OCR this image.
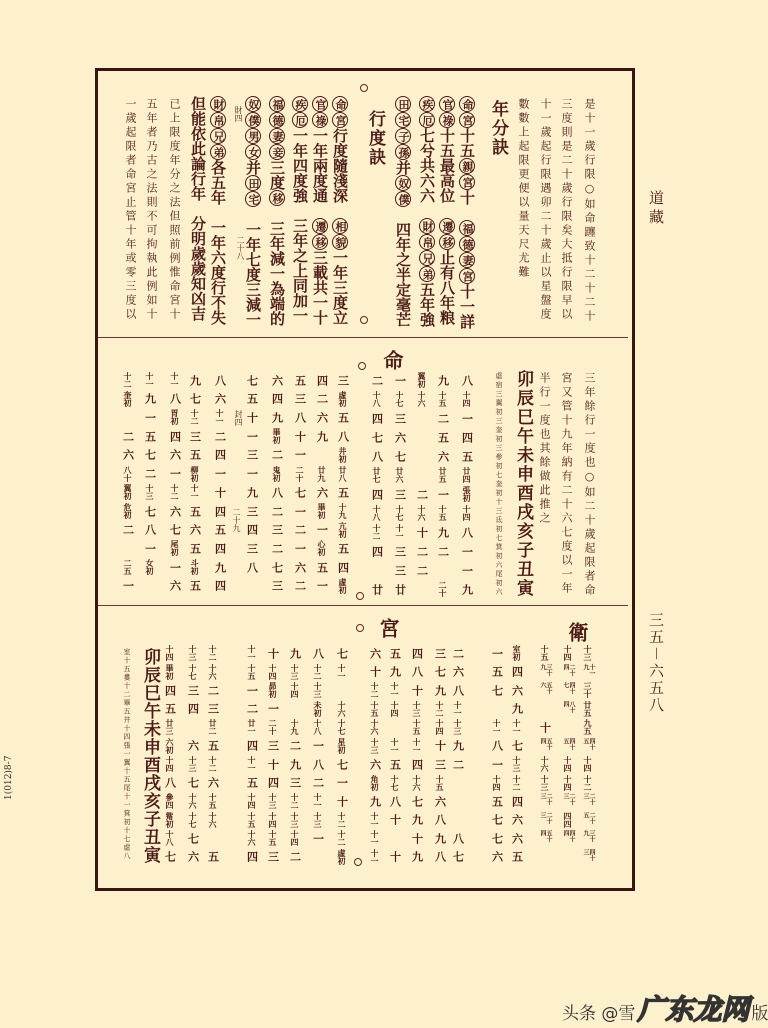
道藏
三五－六五八
1(012)8-7
是十一歲行限○如命躔致十二十二十
三度則是二十歲行限矣大抵行限早以
十一歲起行限遇卯二十歲止以星盤度
數數上起限更便以量天尺尤難
年分訣
命宮十五親宮十　福德妻宮十一詳
官祿十五最高位　遷移止有八年粮
疾厄七兮共六六　財帛兄弟五年強
田宅子孫并奴僕　四年之半定毫芒
行度訣
命宮行度隨淺深　相貌一年三度立
官祿一年兩度通　遷移三載共一十
疾厄一年四度強　三年之上同加一
福德妻妾三度移　三年減一為端的
奴僕男女并田宅　一年七度三減一
財四
二十八
財帛兄弟各五年　一年六度行不失
但能依此論行年　分明歲歲知凶吉
已上限度年分之法但照前例惟命宮十
五年者乃古之法則不可拘執此例如十
一歲起限者命宮止管十年或零三度以
三年餘行一度也○如二十歲起限者命
宮又管十九年納有二十六七度以一年
半行一度也其餘做此推之
卯辰巳午未申酉戌亥子丑寅
虛宿三翼初三奎初三參初七奎初十三氐初七箕初六尾初六
命
封四
二十九
八
十四
一
四
五
廿四
張初
十四
八
一
一
九
九
十五
二
五
六
廿五
一
十五
九
二
二十
翼初
十六
二
十六
十
二
二
一
十七
三
六
七
廿六
三
十七
十一
三
三
廿
二
十八
四
七
八
廿七
四
十八
十二
四
廿
三
虛初
五
八
井初
廿八
五
十九
亢初
五
四
虛初
四
二
六
九
廿九
六
畢初
一
心初
五
一
五
三
八
十
一
二十
七
一
二
一
六
二
六
四
九
畢初
二
鬼初
八
二
三
二
七
三
七
五
十
一
三
一
九
三
四
三
八
八
六
十一
二
四
一
十
四
五
四
九
四
九
七
十二
三
五
柳初
十一
五
六
五
斗初
五
十一
八
胃初
四
六
一
十二
六
七
尾初
一
六
十一
九
一
五
七
二
十三
七
八
一
女初
十二
奎初
二
六
八十
翼初
危初
二
二五
一
衛
宮
十三
十一九
三十
廿五
九五
四十五
十四
十二
二十三
二十五
三十九
四十三
十四
二十四
四十七
八十四
四十五
十四
十四
二十三
四四
四十四
十五
三十九
五十六
十
五十四
十六
十三
二十三
二十三
五十四
室初
四
六
九
十一
七
十三
十二
四
六
六
五
一
五
七
十一
八
一
十四
五
七
七
六
二
六
八
十一
十三
九
二
八
七
三
七
九
十二
十四
十
三
十五
六
八
九
八
四
八
十
十三
十五
十一
四
十六
七
九
十
九
五
九
十一
十四
十一
五
十七
八
十
十
六
十
十二
十五
十六
十三
六
角初
九
十一
十一
十一
七
十一
十六
十七
星初
七
一
十
十二
十二
虛初
八
十二
十三
未初
十八
一
八
二
十一
十三
一
九
十三
十四
十九
二
九
三
十二
十三
十四
二
十
十四
昴初
一
二十
三
十
四
十三
十四
十五
三
十一
十五
一
二
廿一
四
十一
五
十四
十五
十六
四
十二
十六
二
三
廿二
五
十二
六
十五
十六
五
十三
十七
三
四
六
十三
七
十六
十七
七
六
十四
畢初
四
五
廿三
六初
十四
八
參四
觜初
十八
七
卯辰巳午未申酉戌亥子丑寅
室十五婁十二畢五井十四張一翼十五尾十一箕初十七虛八
头条 @雪广东龙网 版
